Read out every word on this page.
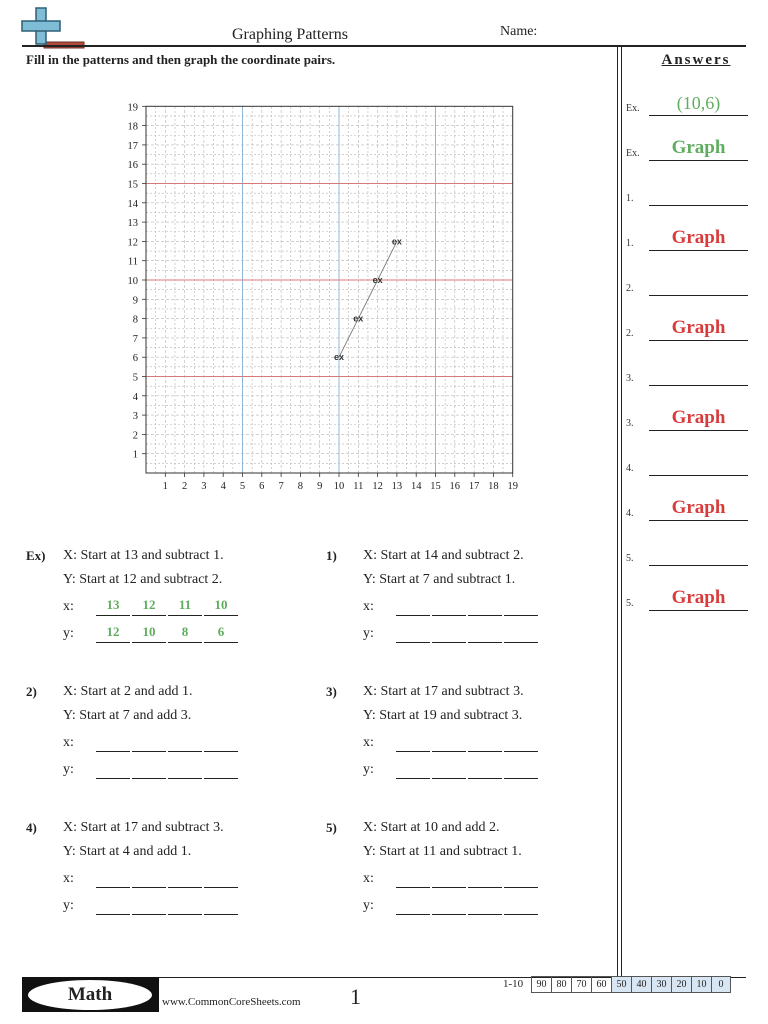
Graphing Patterns	Name:
Fill in the patterns and then graph the coordinate pairs.	Answers
Ex.	(10,6)
Ex.	Graph
1.
1.	Graph
2.
2.	Graph
3.
3.	Graph
4.
4.	Graph
5.
5.	Graph
1 2 3 4 5 6 7 8 9 10 11 12 13 14 15 16 17 18 19
1
2
3
4
5
6
7
8
9
10
11
12
13
14
15
16
17
18
19
ex
ex
ex
ex
Ex) X: Start at 13 and subtract 1.
Y: Start at 12 and subtract 2.
x:
y:
13	12	11	10
12	10	8	6
1) X: Start at 14 and subtract 2.
Y: Start at 7 and subtract 1.
x:
y:
2) X: Start at 2 and add 1.
Y: Start at 7 and add 3.
x:
y:
3) X: Start at 17 and subtract 3.
Y: Start at 19 and subtract 3.
x:
y:
4) X: Start at 17 and subtract 3.
Y: Start at 4 and add 1.
x:
y:
5) X: Start at 10 and add 2.
Y: Start at 11 and subtract 1.
x:
y:
Math	www.CommonCoreSheets.com 1	1-10	90	80	70	60	50	40	30	20	10	0
